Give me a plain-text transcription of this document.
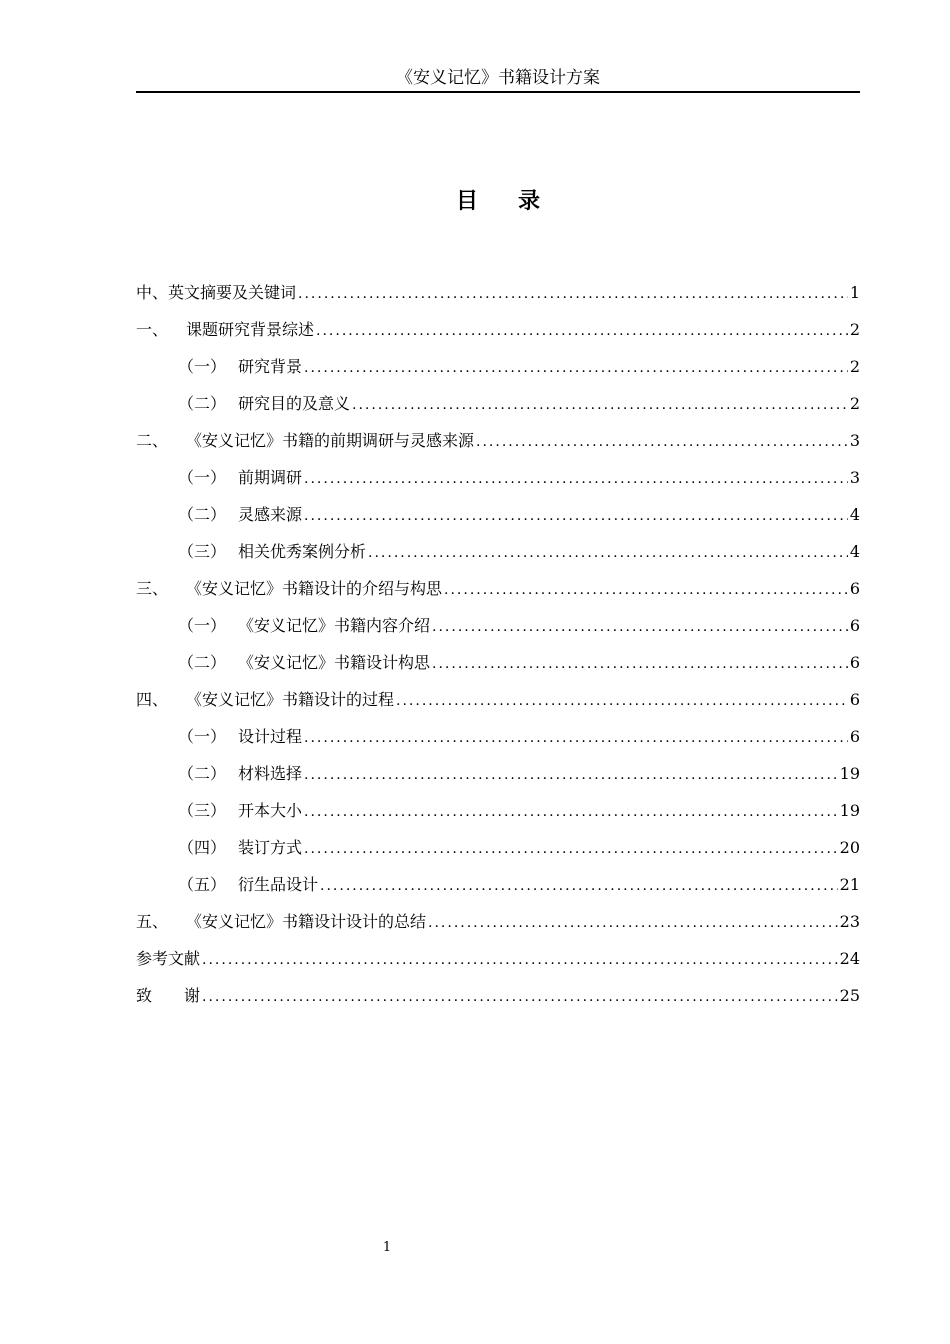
《安义记忆》书籍设计方案
目录
中、英文摘要及关键词 .....	1
一、	课题研究背景综述 .....	2
（一） 研究背景 .....	2
（二） 研究目的及意义 .....	2
二、	《安义记忆》书籍的前期调研与灵感来源 .....	3
（一） 前期调研 .....	3
（二） 灵感来源 .....	4
（三） 相关优秀案例分析 .....	4
三、	《安义记忆》书籍设计的介绍与构思 .....	6
（一） 《安义记忆》书籍内容介绍 .....	6
（二） 《安义记忆》书籍设计构思 .....	6
四、	《安义记忆》书籍设计的过程 .....	6
（一） 设计过程 .....	6
（二） 材料选择 .....	19
（三） 开本大小 .....	19
（四） 装订方式 .....	20
（五） 衍生品设计 .....	21
五、	《安义记忆》书籍设计设计的总结 .....	23
参考文献 .....	24
致　　谢 .....	25
1
